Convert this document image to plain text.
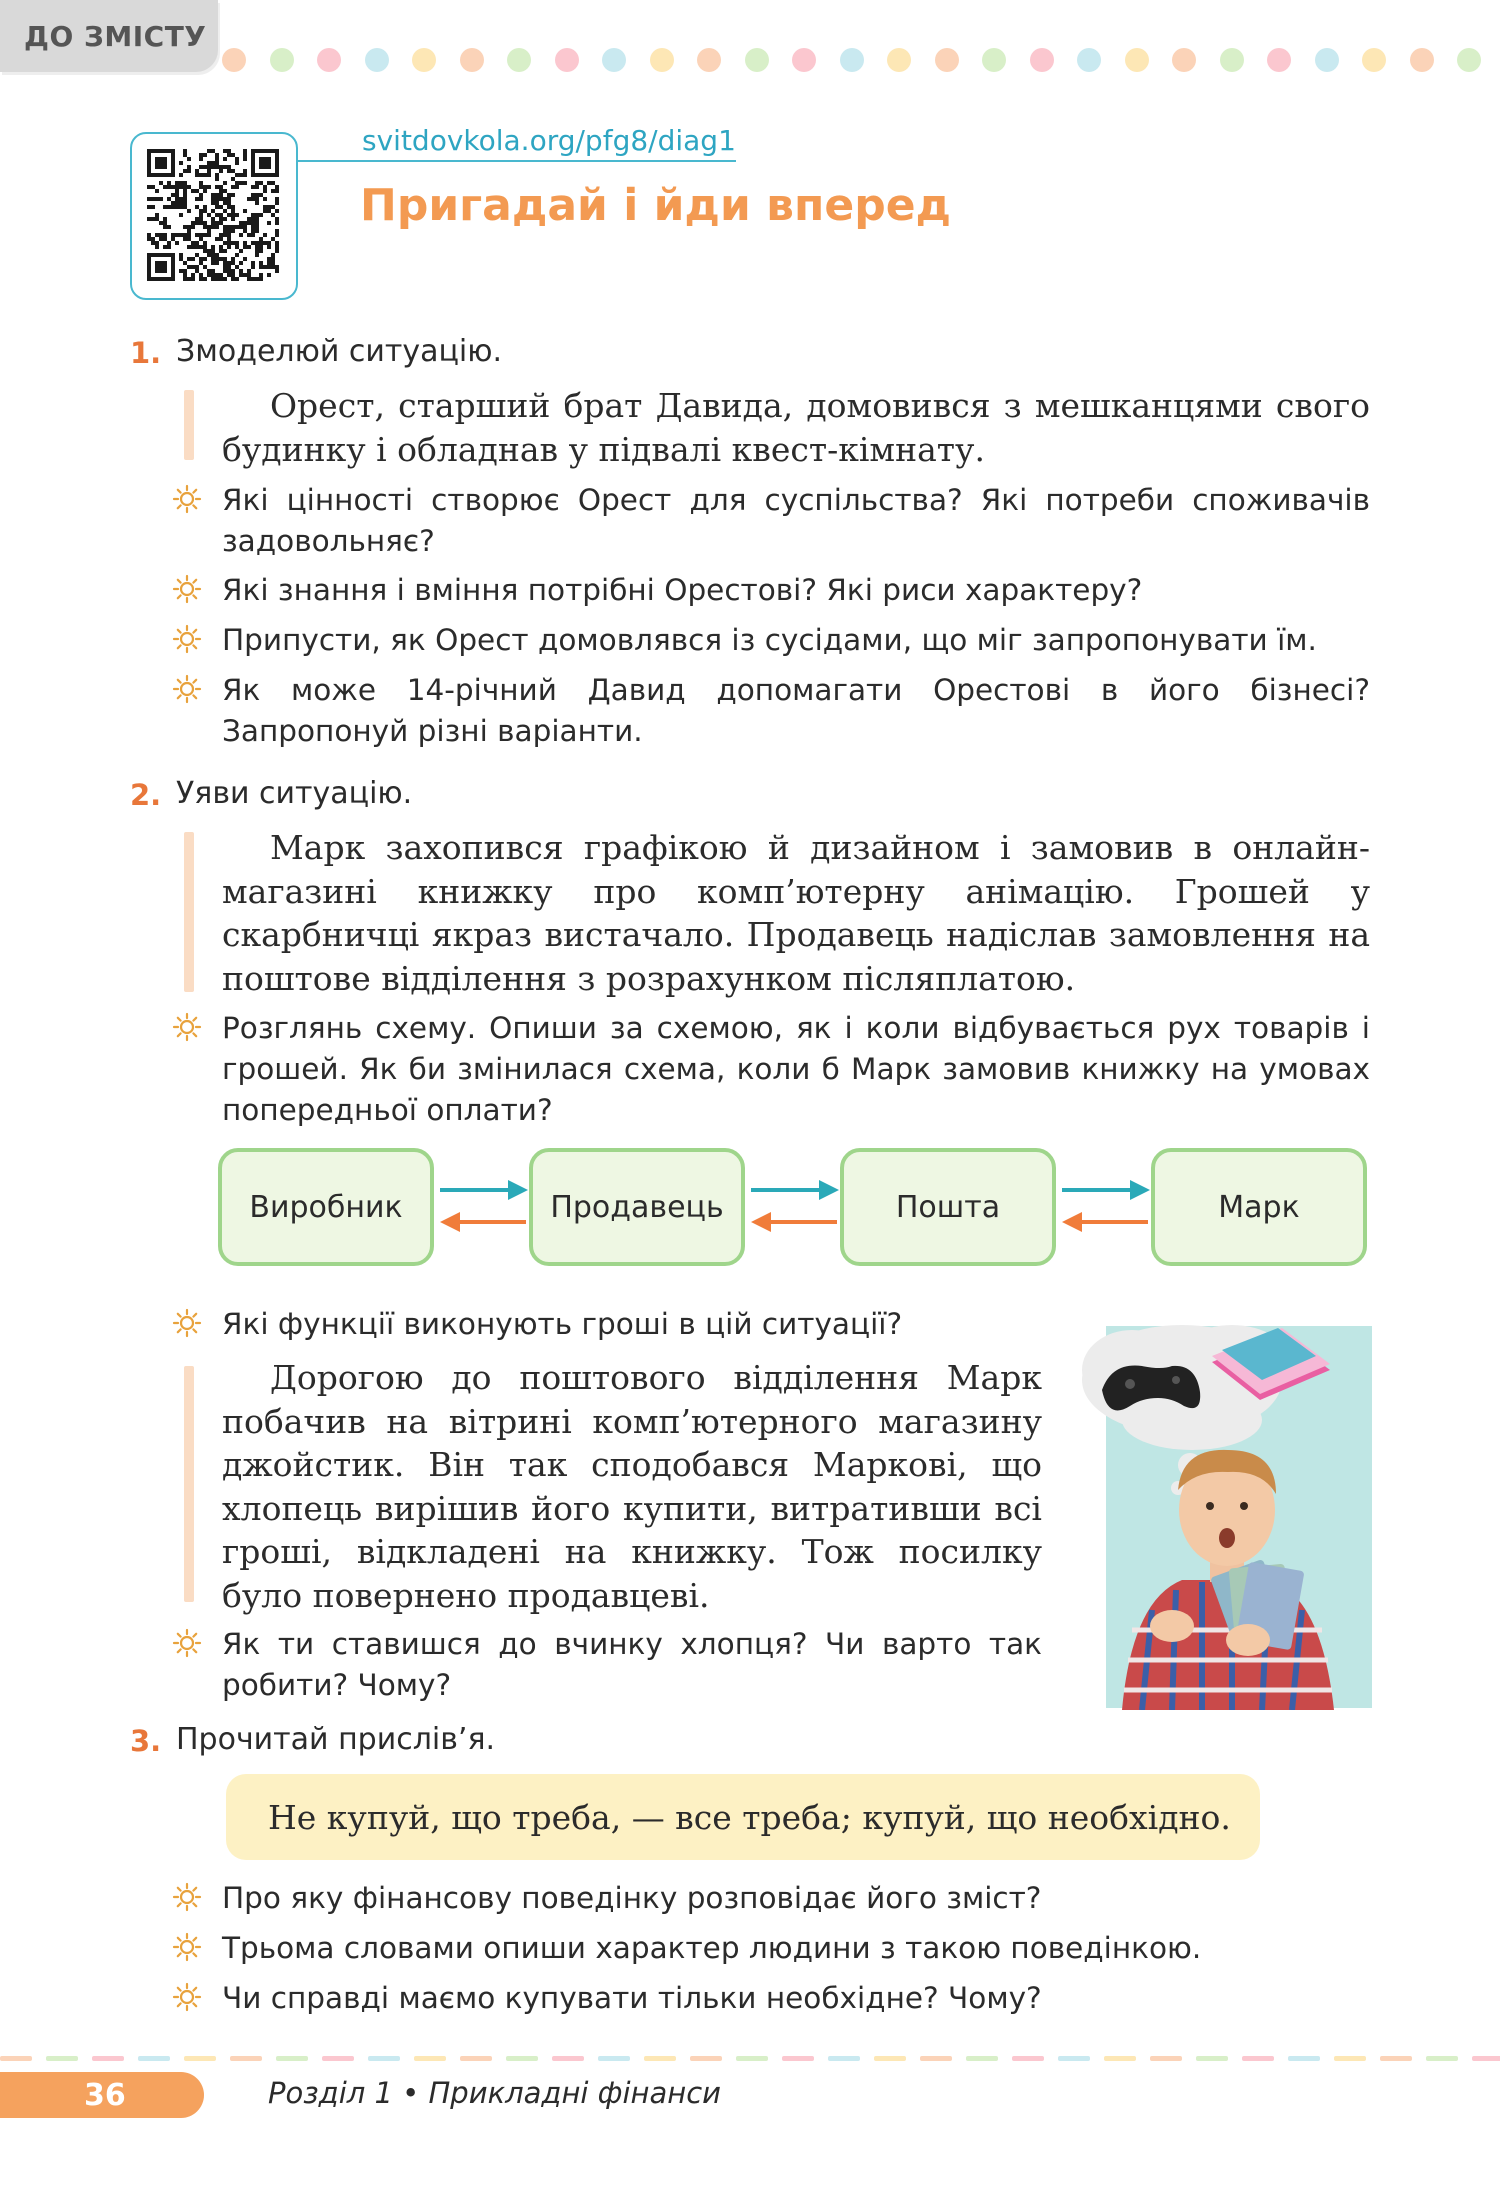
ДО ЗМІСТУ
svitdovkola.org/pfg8/diag1
Пригадай і йди вперед
1. Змоделюй ситуацію.
Орест, старший брат Давида, домовився з мешканцями свого будинку і обладнав у підвалі квест-кімнату.
Які цінності створює Орест для суспільства? Які потреби споживачів задовольняє?
Які знання і вміння потрібні Орестові? Які риси характеру?
Припусти, як Орест домовлявся із сусідами, що міг запропонувати їм.
Як може 14-річний Давид допомагати Орестові в його бізнесі? Запропонуй різні варіанти.
2. Уяви ситуацію.
Марк захопився графікою й дизайном і замовив в онлайн-магазині книжку про комп’ютерну анімацію. Грошей у скарбничці якраз вистачало. Продавець надіслав замовлення на поштове відділення з розрахунком післяплатою.
Розглянь схему. Опиши за схемою, як і коли відбувається рух товарів і грошей. Як би змінилася схема, коли б Марк замовив книжку на умовах попередньої оплати?
Виробник	Продавець	Пошта	Марк
Які функції виконують гроші в цій ситуації?
Дорогою до поштового відділення Марк побачив на вітрині комп’ютерного магазину джойстик. Він так сподобався Маркові, що хлопець вирішив його купити, витративши всі гроші, відкладені на книжку. Тож посилку було повернено продавцеві.
Як ти ставишся до вчинку хлопця? Чи варто так робити? Чому?
3. Прочитай прислів’я.
Не купуй, що треба, — все треба; купуй, що необхідно.
Про яку фінансову поведінку розповідає його зміст?
Трьома словами опиши характер людини з такою поведінкою.
Чи справді маємо купувати тільки необхідне? Чому?
36	Розділ 1 • Прикладні фінанси
